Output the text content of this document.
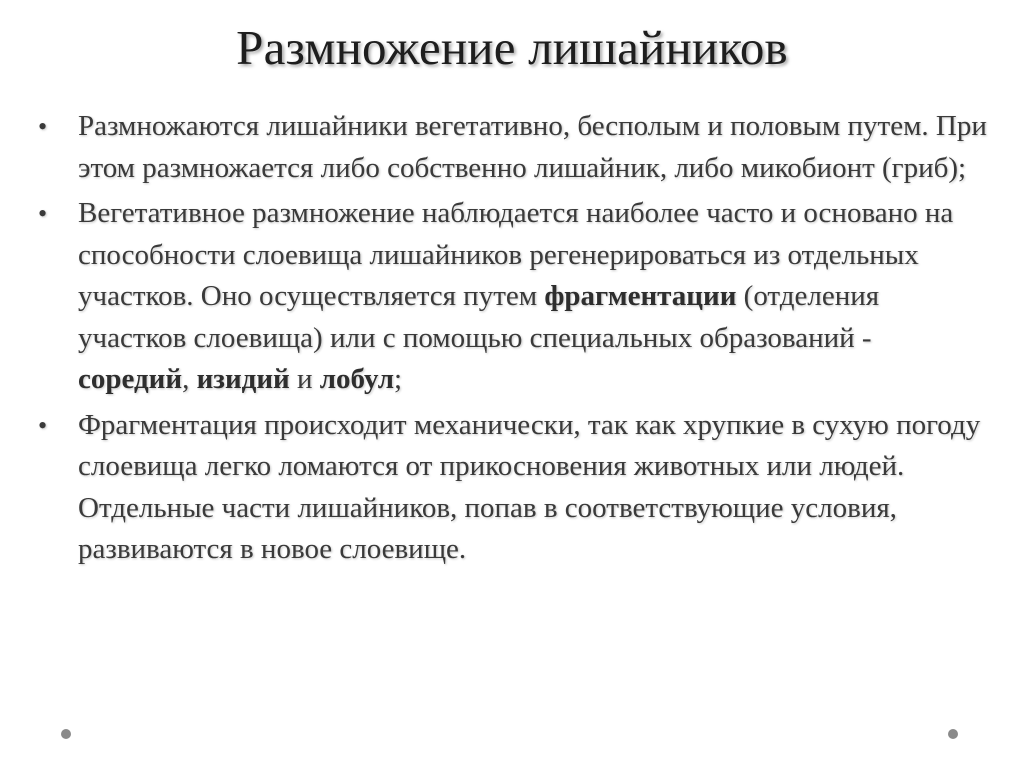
Размножение лишайников
•	Размножаются лишайники вегетативно, бесполым и половым путем. При этом размножается либо собственно лишайник, либо микобионт (гриб);
•	Вегетативное размножение наблюдается наиболее часто и основано на способности слоевища лишайников регенерироваться из отдельных участков. Оно осуществляется путем фрагментации (отделения участков слоевища) или с помощью специальных образований - соредий, изидий и лобул;
•	Фрагментация происходит механически, так как хрупкие в сухую погоду слоевища легко ломаются от прикосновения животных или людей. Отдельные части лишайников, попав в соответствующие условия, развиваются в новое слоевище.
